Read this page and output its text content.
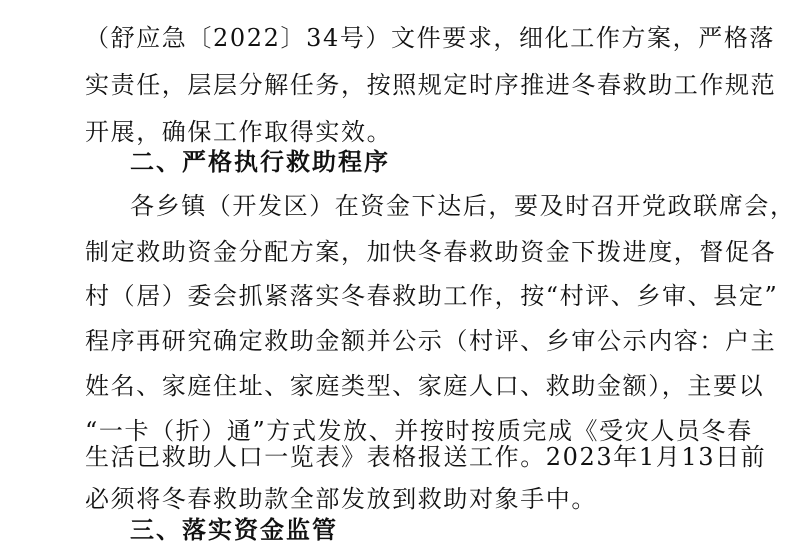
（舒应急〔2022〕34号）文件要求，细化工作方案，严格落
实责任，层层分解任务，按照规定时序推进冬春救助工作规范
开展，确保工作取得实效。
二、严格执行救助程序
各乡镇（开发区）在资金下达后，要及时召开党政联席会，
制定救助资金分配方案，加快冬春救助资金下拨进度，督促各
村（居）委会抓紧落实冬春救助工作，按“村评、乡审、县定”
程序再研究确定救助金额并公示（村评、乡审公示内容：户主
姓名、家庭住址、家庭类型、家庭人口、救助金额），主要以
“一卡（折）通”方式发放、并按时按质完成《受灾人员冬春
生活已救助人口一览表》表格报送工作。2023年1月13日前
必须将冬春救助款全部发放到救助对象手中。
三、落实资金监管
